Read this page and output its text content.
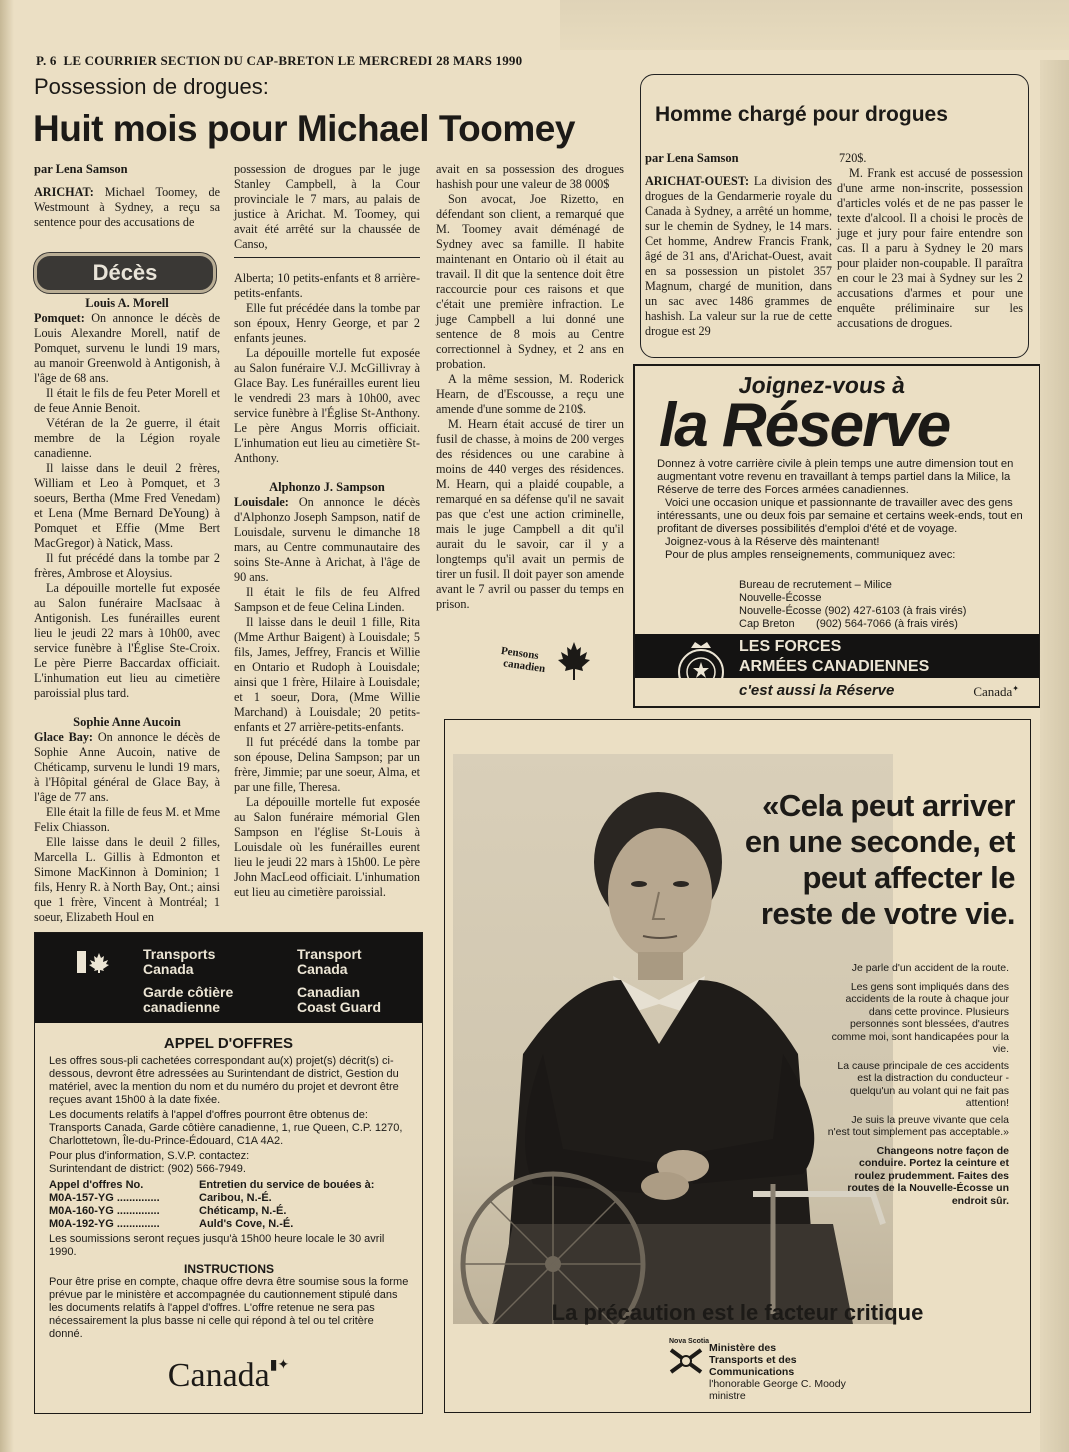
P. 6 LE COURRIER SECTION DU CAP-BRETON LE MERCREDI 28 MARS 1990
Possession de drogues:
Huit mois pour Michael Toomey

par Lena Samson

ARICHAT: Michael Toomey, de Westmount à Sydney, a reçu sa sentence pour des accusations de

possession de drogues par le juge Stanley Campbell, à la Cour provinciale le 7 mars, au palais de justice à Arichat. M. Toomey, qui avait été arrêté sur la chaussée de Canso,

avait en sa possession des drogues hashish pour une valeur de 38 000$

Son avocat, Joe Rizetto, en défendant son client, a remarqué que M. Toomey avait déménagé de Sydney avec sa famille. Il habite maintenant en Ontario où il était au travail. Il dit que la sentence doit être raccourcie pour ces raisons et que c'était une première infraction. Le juge Campbell a lui donné une sentence de 8 mois au Centre correctionnel à Sydney, et 2 ans en probation.

A la même session, M. Roderick Hearn, de d'Escousse, a reçu une amende d'une somme de 210$.

M. Hearn était accusé de tirer un fusil de chasse, à moins de 200 verges des résidences ou une carabine à moins de 440 verges des résidences. M. Hearn, qui a plaidé coupable, a remarqué en sa défense qu'il ne savait pas que c'est une action criminelle, mais le juge Campbell a dit qu'il aurait du le savoir, car il y a longtemps qu'il avait un permis de tirer un fusil. Il doit payer son amende avant le 7 avril ou passer du temps en prison.

Décès

Louis A. Morell

Pomquet: On annonce le décès de Louis Alexandre Morell, natif de Pomquet, survenu le lundi 19 mars, au manoir Greenwold à Antigonish, à l'âge de 68 ans.

Il était le fils de feu Peter Morell et de feue Annie Benoit.

Vétéran de la 2e guerre, il était membre de la Légion royale canadienne.

Il laisse dans le deuil 2 frères, William et Leo à Pomquet, et 3 soeurs, Bertha (Mme Fred Venedam) et Lena (Mme Bernard DeYoung) à Pomquet et Effie (Mme Bert MacGregor) à Natick, Mass.

Il fut précédé dans la tombe par 2 frères, Ambrose et Aloysius.

La dépouille mortelle fut exposée au Salon funéraire MacIsaac à Antigonish. Les funérailles eurent lieu le jeudi 22 mars à 10h00, avec service funèbre à l'Église Ste-Croix. Le père Pierre Baccardax officiait. L'inhumation eut lieu au cimetière paroissial plus tard.

Sophie Anne Aucoin

Glace Bay: On annonce le décès de Sophie Anne Aucoin, native de Chéticamp, survenu le lundi 19 mars, à l'Hôpital général de Glace Bay, à l'âge de 77 ans.

Elle était la fille de feus M. et Mme Felix Chiasson.

Elle laisse dans le deuil 2 filles, Marcella L. Gillis à Edmonton et Simone MacKinnon à Dominion; 1 fils, Henry R. à North Bay, Ont.; ainsi que 1 frère, Vincent à Montréal; 1 soeur, Elizabeth Houl en

Alberta; 10 petits-enfants et 8 arrière-petits-enfants.

Elle fut précédée dans la tombe par son époux, Henry George, et par 2 enfants jeunes.

La dépouille mortelle fut exposée au Salon funéraire V.J. McGillivray à Glace Bay. Les funérailles eurent lieu le vendredi 23 mars à 10h00, avec service funèbre à l'Église St-Anthony. Le père Angus Morris officiait. L'inhumation eut lieu au cimetière St-Anthony.

Alphonzo J. Sampson

Louisdale: On annonce le décès d'Alphonzo Joseph Sampson, natif de Louisdale, survenu le dimanche 18 mars, au Centre communautaire des soins Ste-Anne à Arichat, à l'âge de 90 ans.

Il était le fils de feu Alfred Sampson et de feue Celina Linden.

Il laisse dans le deuil 1 fille, Rita (Mme Arthur Baigent) à Louisdale; 5 fils, James, Jeffrey, Francis et Willie en Ontario et Rudoph à Louisdale; ainsi que 1 frère, Hilaire à Louisdale; et 1 soeur, Dora, (Mme Willie Marchand) à Louisdale; 20 petits-enfants et 27 arrière-petits-enfants.

Il fut précédé dans la tombe par son épouse, Delina Sampson; par un frère, Jimmie; par une soeur, Alma, et par une fille, Theresa.

La dépouille mortelle fut exposée au Salon funéraire mémorial Glen Sampson en l'église St-Louis à Louisdale où les funérailles eurent lieu le jeudi 22 mars à 15h00. Le père John MacLeod officiait. L'inhumation eut lieu au cimetière paroissial.

Pensons
canadien
Transports
Canada
Garde côtière
canadienne
Transport
Canada
Canadian
Coast Guard
APPEL D'OFFRES
Les offres sous-pli cachetées correspondant au(x) projet(s) décrit(s) ci-dessous, devront être adressées au Surintendant de district, Gestion du matériel, avec la mention du nom et du numéro du projet et devront être reçues avant 15h00 à la date fixée.
Les documents relatifs à l'appel d'offres pourront être obtenus de: Transports Canada, Garde côtière canadienne, 1, rue Queen, C.P. 1270, Charlottetown, Île-du-Prince-Édouard, C1A 4A2.
Pour plus d'information, S.V.P. contactez:
Surintendant de district: (902) 566-7949.
Appel d'offres No.	Entretien du service de bouées à:
M0A-157-YG ..............	Caribou, N.-É.
M0A-160-YG ..............	Chéticamp, N.-É.
M0A-192-YG ..............	Auld's Cove, N.-É.
Les soumissions seront reçues jusqu'à 15h00 heure locale le 30 avril 1990.
INSTRUCTIONS
Pour être prise en compte, chaque offre devra être soumise sous la forme prévue par le ministère et accompagnée du cautionnement stipulé dans les documents relatifs à l'appel d'offres. L'offre retenue ne sera pas nécessairement la plus basse ni celle qui répond à tel ou tel critère donné.
Canada▮✦
Homme chargé pour drogues

par Lena Samson

ARICHAT-OUEST: La division des drogues de la Gendarmerie royale du Canada à Sydney, a arrêté un homme, sur le chemin de Sydney, le 14 mars. Cet homme, Andrew Francis Frank, âgé de 31 ans, d'Arichat-Ouest, avait en sa possession un pistolet 357 Magnum, chargé de munition, dans un sac avec 1486 grammes de hashish. La valeur sur la rue de cette drogue est 29

720$.

M. Frank est accusé de possession d'une arme non-inscrite, possession d'articles volés et de ne pas passer le texte d'alcool. Il a choisi le procès de juge et jury pour faire entendre son cas. Il a paru à Sydney le 20 mars pour plaider non-coupable. Il paraîtra en cour le 23 mai à Sydney sur les 2 accusations d'armes et pour une enquête préliminaire sur les accusations de drogues.

Joignez-vous à
la Réserve
Donnez à votre carrière civile à plein temps une autre dimension tout en augmentant votre revenu en travaillant à temps partiel dans la Milice, la Réserve de terre des Forces armées canadiennes.
Voici une occasion unique et passionnante de travailler avec des gens intéressants, une ou deux fois par semaine et certains week-ends, tout en profitant de diverses possibilités d'emploi d'été et de voyage.
Joignez-vous à la Réserve dès maintenant!
Pour de plus amples renseignements, communiquez avec:
Bureau de recrutement – Milice
Nouvelle-Écosse
Nouvelle-Écosse (902) 427-6103 (à frais virés)
Cap Breton       (902) 564-7066 (à frais virés)
LES FORCES
ARMÉES CANADIENNES
c'est aussi la Réserve	Canada✦
«Cela peut arriver en une seconde, et peut affecter le reste de votre vie.
Je parle d'un accident de la route.
Les gens sont impliqués dans des accidents de la route à chaque jour dans cette province. Plusieurs personnes sont blessées, d'autres comme moi, sont handicapées pour la vie.
La cause principale de ces accidents est la distraction du conducteur - quelqu'un au volant qui ne fait pas attention!
Je suis la preuve vivante que cela n'est tout simplement pas acceptable.»
Changeons notre façon de conduire. Portez la ceinture et roulez prudemment. Faites des routes de la Nouvelle-Écosse un endroit sûr.
La précaution est le facteur critique
Nova Scotia
Ministère des
Transports et des
Communications
l'honorable George C. Moody
ministre
